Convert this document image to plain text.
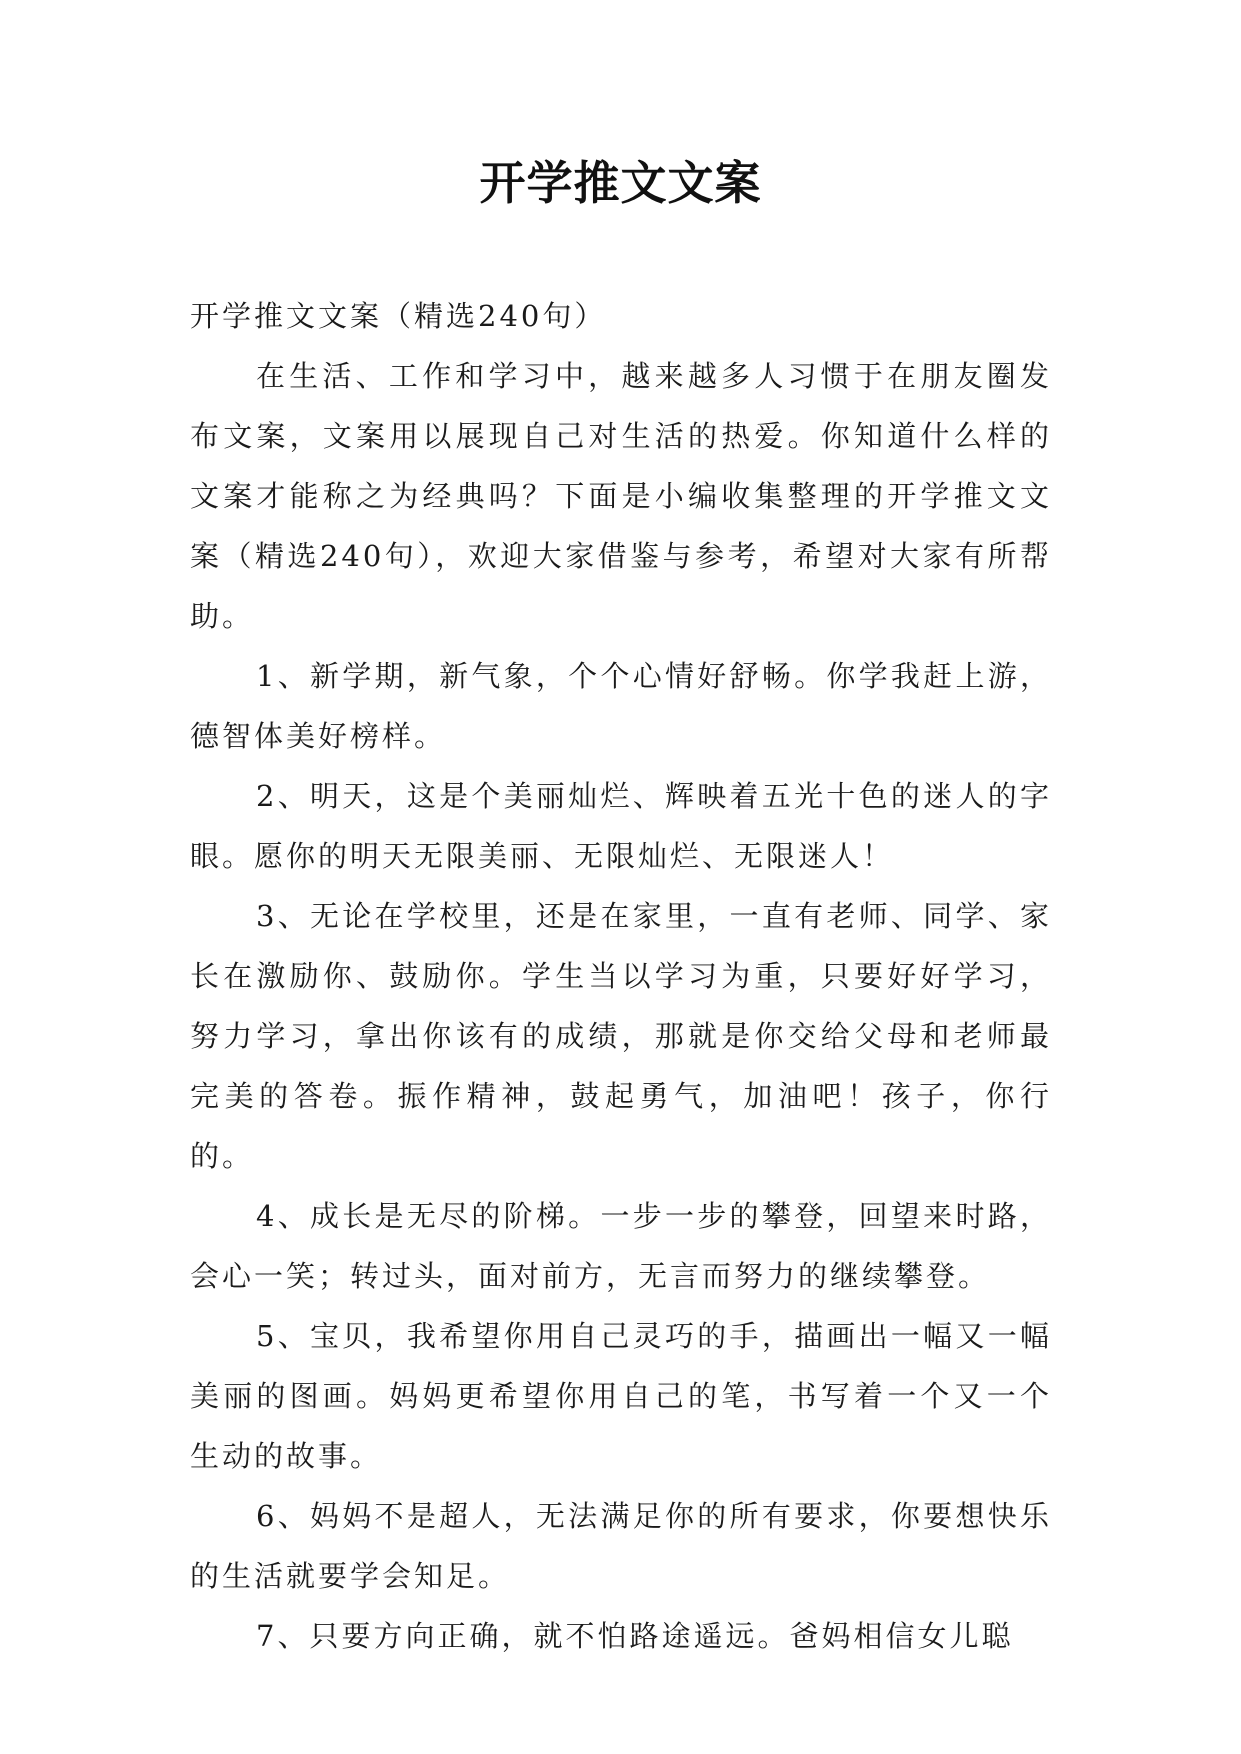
开学推文文案

开学推文文案（精选240句）

在生活、工作和学习中，越来越多人习惯于在朋友圈发布文案，文案用以展现自己对生活的热爱。你知道什么样的文案才能称之为经典吗？下面是小编收集整理的开学推文文案（精选240句），欢迎大家借鉴与参考，希望对大家有所帮助。

1、新学期，新气象，个个心情好舒畅。你学我赶上游，德智体美好榜样。

2、明天，这是个美丽灿烂、辉映着五光十色的迷人的字眼。愿你的明天无限美丽、无限灿烂、无限迷人！

3、无论在学校里，还是在家里，一直有老师、同学、家长在激励你、鼓励你。学生当以学习为重，只要好好学习，努力学习，拿出你该有的成绩，那就是你交给父母和老师最完美的答卷。振作精神，鼓起勇气，加油吧！孩子，你行的。

4、成长是无尽的阶梯。一步一步的攀登，回望来时路，会心一笑；转过头，面对前方，无言而努力的继续攀登。

5、宝贝，我希望你用自己灵巧的手，描画出一幅又一幅美丽的图画。妈妈更希望你用自己的笔，书写着一个又一个生动的故事。

6、妈妈不是超人，无法满足你的所有要求，你要想快乐的生活就要学会知足。

7、只要方向正确，就不怕路途遥远。爸妈相信女儿聪
